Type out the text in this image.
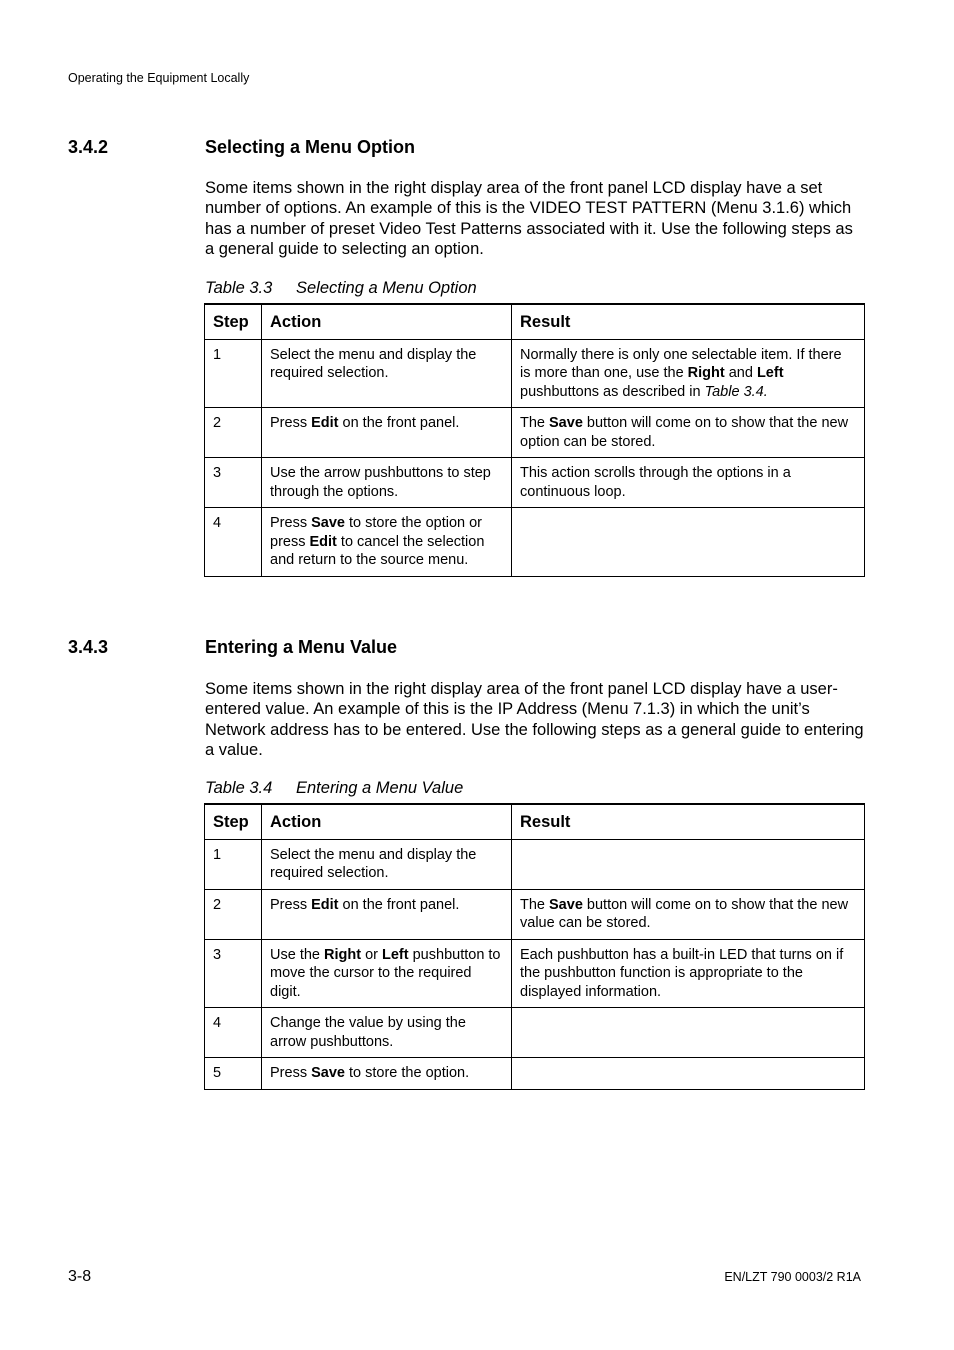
Operating the Equipment Locally
3.4.2	Selecting a Menu Option
Some items shown in the right display area of the front panel LCD display have a set number of options. An example of this is the VIDEO TEST PATTERN (Menu 3.1.6) which has a number of preset Video Test Patterns associated with it. Use the following steps as a general guide to selecting an option.
Table 3.3 Selecting a Menu Option
Step	Action	Result
1	Select the menu and display the required selection.	Normally there is only one selectable item. If there is more than one, use the Right and Left pushbuttons as described in Table 3.4.
2	Press Edit on the front panel.	The Save button will come on to show that the new option can be stored.
3	Use the arrow pushbuttons to step through the options.	This action scrolls through the options in a continuous loop.
4	Press Save to store the option or press Edit to cancel the selection and return to the source menu.	
3.4.3	Entering a Menu Value
Some items shown in the right display area of the front panel LCD display have a user-entered value. An example of this is the IP Address (Menu 7.1.3) in which the unit’s Network address has to be entered. Use the following steps as a general guide to entering a value.
Table 3.4 Entering a Menu Value
Step	Action	Result
1	Select the menu and display the required selection.	
2	Press Edit on the front panel.	The Save button will come on to show that the new value can be stored.
3	Use the Right or Left pushbutton to move the cursor to the required digit.	Each pushbutton has a built-in LED that turns on if the pushbutton function is appropriate to the displayed information.
4	Change the value by using the arrow pushbuttons.	
5	Press Save to store the option.	
3-8	EN/LZT 790 0003/2 R1A
